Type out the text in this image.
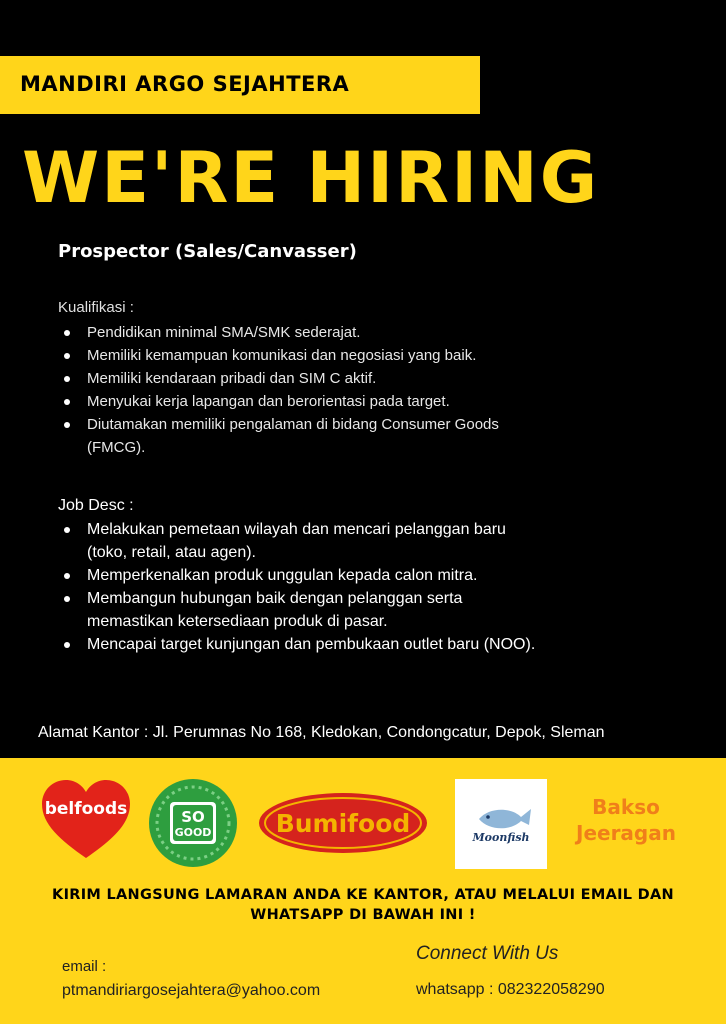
MANDIRI ARGO SEJAHTERA
WE'RE HIRING
Prospector (Sales/Canvasser)
Kualifikasi :
Pendidikan minimal SMA/SMK sederajat.
Memiliki kemampuan komunikasi dan negosiasi yang baik.
Memiliki kendaraan pribadi dan SIM C aktif.
Menyukai kerja lapangan dan berorientasi pada target.
Diutamakan memiliki pengalaman di bidang Consumer Goods (FMCG).
Job Desc :
Melakukan pemetaan wilayah dan mencari pelanggan baru (toko, retail, atau agen).
Memperkenalkan produk unggulan kepada calon mitra.
Membangun hubungan baik dengan pelanggan serta memastikan ketersediaan produk di pasar.
Mencapai target kunjungan dan pembukaan outlet baru (NOO).
Alamat Kantor : Jl. Perumnas No 168, Kledokan, Condongcatur, Depok, Sleman
belfoods	SO
GOOD	Bumifood	Moonfish
Bakso
Jeeragan
KIRIM LANGSUNG LAMARAN ANDA KE KANTOR, ATAU MELALUI EMAIL DAN WHATSAPP DI BAWAH INI !
email :
ptmandiriargosejahtera@yahoo.com
Connect With Us
whatsapp : 082322058290
